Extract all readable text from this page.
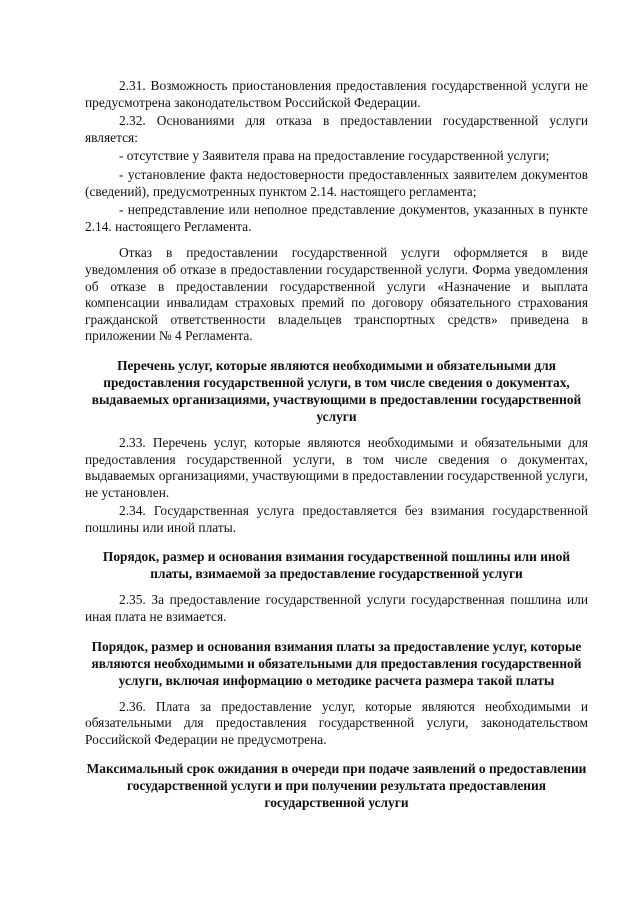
2.31. Возможность приостановления предоставления государственной услуги не предусмотрена законодательством Российской Федерации.

2.32. Основаниями для отказа в предоставлении государственной услуги является:

- отсутствие у Заявителя права на предоставление государственной услуги;

- установление факта недостоверности предоставленных заявителем документов (сведений), предусмотренных пунктом 2.14. настоящего регламента;

- непредставление или неполное представление документов, указанных в пункте 2.14. настоящего Регламента.

Отказ в предоставлении государственной услуги оформляется в виде уведомления об отказе в предоставлении государственной услуги. Форма уведомления об отказе в предоставлении государственной услуги «Назначение и выплата компенсации инвалидам страховых премий по договору обязательного страхования гражданской ответственности владельцев транспортных средств» приведена в приложении № 4 Регламента.

Перечень услуг, которые являются необходимыми и обязательными для предоставления государственной услуги, в том числе сведения о документах, выдаваемых организациями, участвующими в предоставлении государственной услуги

2.33. Перечень услуг, которые являются необходимыми и обязательными для предоставления государственной услуги, в том числе сведения о документах, выдаваемых организациями, участвующими в предоставлении государственной услуги, не установлен.

2.34. Государственная услуга предоставляется без взимания государственной пошлины или иной платы.

Порядок, размер и основания взимания государственной пошлины или иной платы, взимаемой за предоставление государственной услуги

2.35. За предоставление государственной услуги государственная пошлина или иная плата не взимается.

Порядок, размер и основания взимания платы за предоставление услуг, которые являются необходимыми и обязательными для предоставления государственной услуги, включая информацию о методике расчета размера такой платы

2.36. Плата за предоставление услуг, которые являются необходимыми и обязательными для предоставления государственной услуги, законодательством Российской Федерации не предусмотрена.

Максимальный срок ожидания в очереди при подаче заявлений о предоставлении государственной услуги и при получении результата предоставления государственной услуги
